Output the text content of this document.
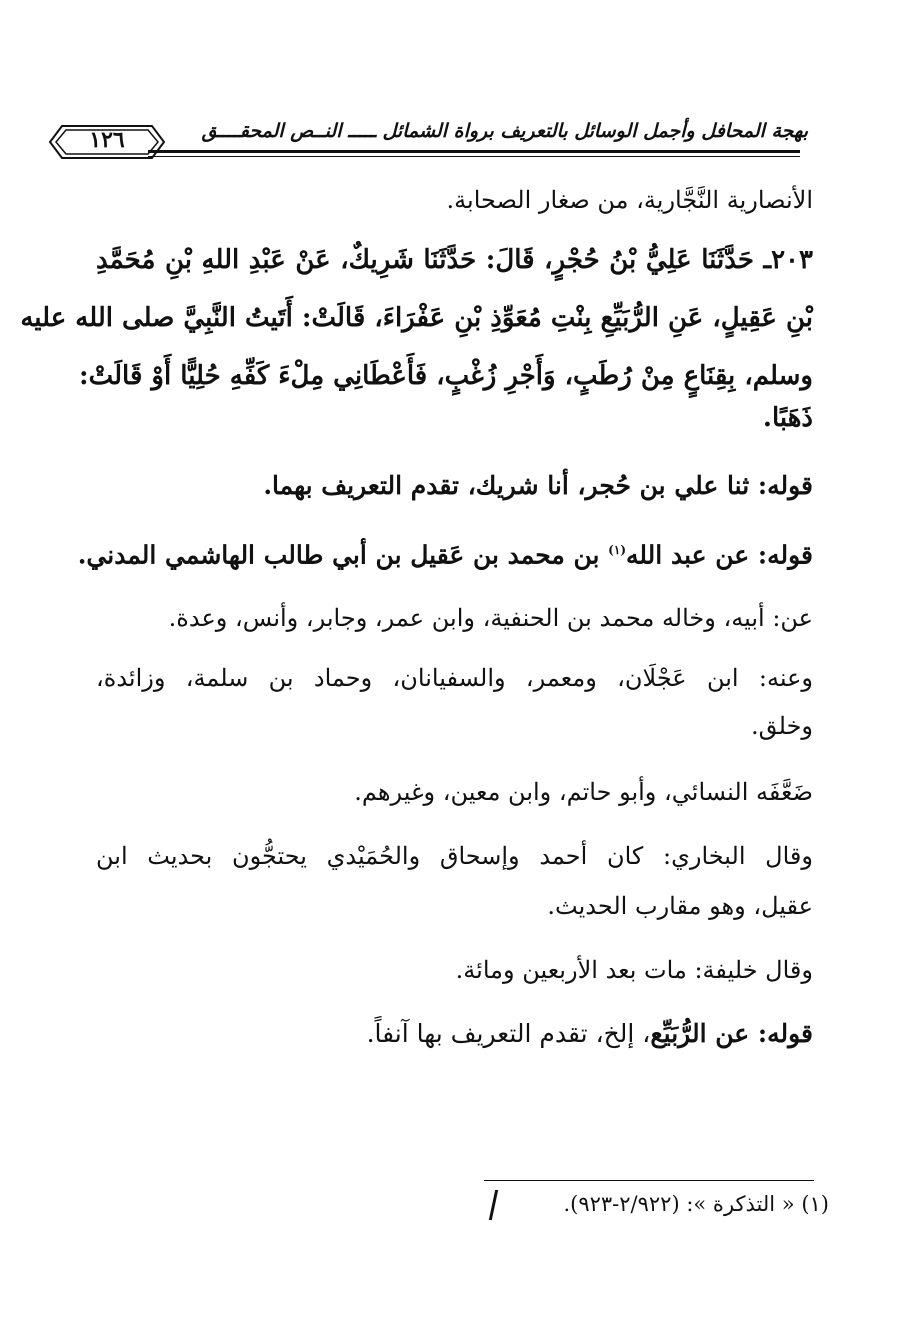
١٢٦	بهجة المحافل وأجمل الوسائل بالتعريف برواة الشمائل ـــــ النــص المحقــــق
الأنصارية النَّجَّارية، من صغار الصحابة.
٢٠٣ـ حَدَّثَنَا عَلِيُّ بْنُ حُجْرٍ، قَالَ: حَدَّثَنَا شَرِيكٌ، عَنْ عَبْدِ اللهِ بْنِ مُحَمَّدِ
بْنِ عَقِيلٍ، عَنِ الرُّبَيِّعِ بِنْتِ مُعَوِّذِ بْنِ عَفْرَاءَ، قَالَتْ: أَتَيتُ النَّبِيَّ صلى الله عليه
وسلم، بِقِنَاعٍ مِنْ رُطَبٍ، وَأَجْرِ زُغْبٍ، فَأَعْطَانِي مِلْءَ كَفِّهِ حُلِيًّا أَوْ قَالَتْ:
ذَهَبًا.
قوله: ثنا علي بن حُجر، أنا شريك، تقدم التعريف بهما.
قوله: عن عبد الله$^{(١)}$ بن محمد بن عَقيل بن أبي طالب الهاشمي المدني.
عن: أبيه، وخاله محمد بن الحنفية، وابن عمر، وجابر، وأنس، وعدة.
وعنه: ابن عَجْلَان، ومعمر، والسفيانان، وحماد بن سلمة، وزائدة،
وخلق.
ضَعَّفَه النسائي، وأبو حاتم، وابن معين، وغيرهم.
وقال البخاري: كان أحمد وإسحاق والحُمَيْدي يحتجُّون بحديث ابن
عقيل، وهو مقارب الحديث.
وقال خليفة: مات بعد الأربعين ومائة.
قوله: عن الرُّبَيِّع، إلخ، تقدم التعريف بها آنفاً.
(١) « التذكرة »: (٢/٩٢٢-٩٢٣).
